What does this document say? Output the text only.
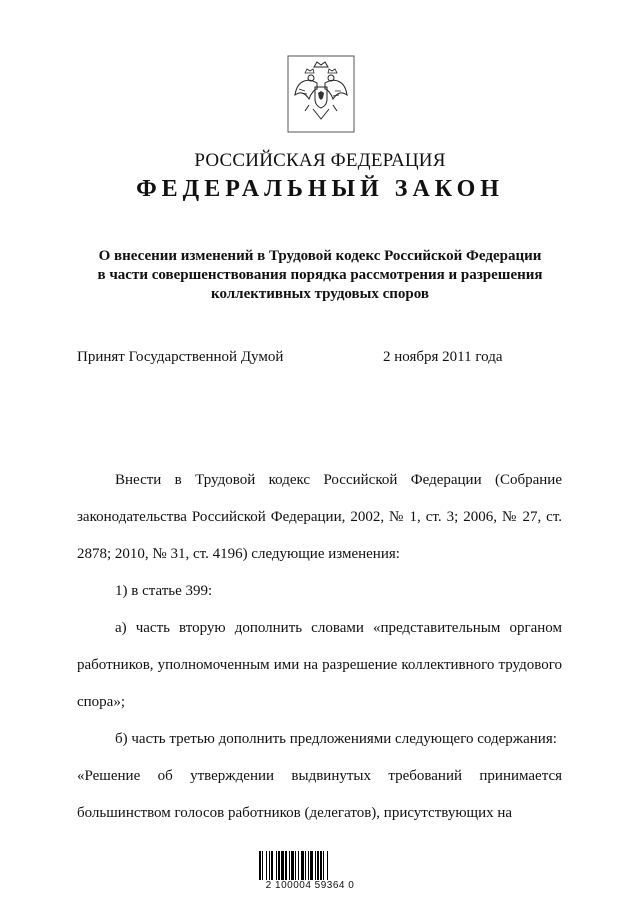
РОССИЙСКАЯ ФЕДЕРАЦИЯ
ФЕДЕРАЛЬНЫЙ ЗАКОН
О внесении изменений в Трудовой кодекс Российской Федерации
в части совершенствования порядка рассмотрения и разрешения
коллективных трудовых споров
Принят Государственной Думой	2 ноября 2011 года

Внести в Трудовой кодекс Российской Федерации (Собрание законодательства Российской Федерации, 2002, № 1, ст. 3; 2006, № 27, ст. 2878; 2010, № 31, ст. 4196) следующие изменения:

1) в статье 399:

а) часть вторую дополнить словами «представительным органом работников, уполномоченным ими на разрешение коллективного трудового спора»;

б) часть третью дополнить предложениями следующего содержания:

«Решение об утверждении выдвинутых требований принимается большинством голосов работников (делегатов), присутствующих на

2 100004 59364 0
